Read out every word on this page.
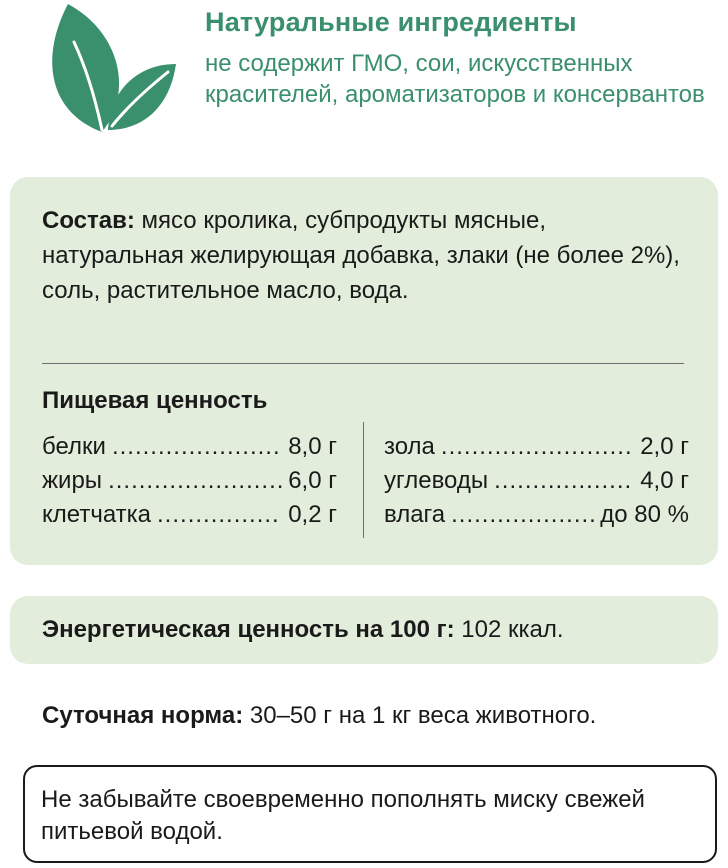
Натуральные ингредиенты

не содержит ГМО, сои, искусственных красителей, ароматизаторов и консервантов

Состав: мясо кролика, субпродукты мясные, натуральная желирующая добавка, злаки (не более 2%), соль, растительное масло, вода.

Пищевая ценность

белки .....	8,0 г
жиры .....	6,0 г
клетчатка .....	0,2 г
зола .....	2,0 г
углеводы .....	4,0 г
влага .....	до 80 %

Энергетическая ценность на 100 г: 102 ккал.

Суточная норма: 30–50 г на 1 кг веса животного.

Не забывайте своевременно пополнять миску свежей питьевой водой.
